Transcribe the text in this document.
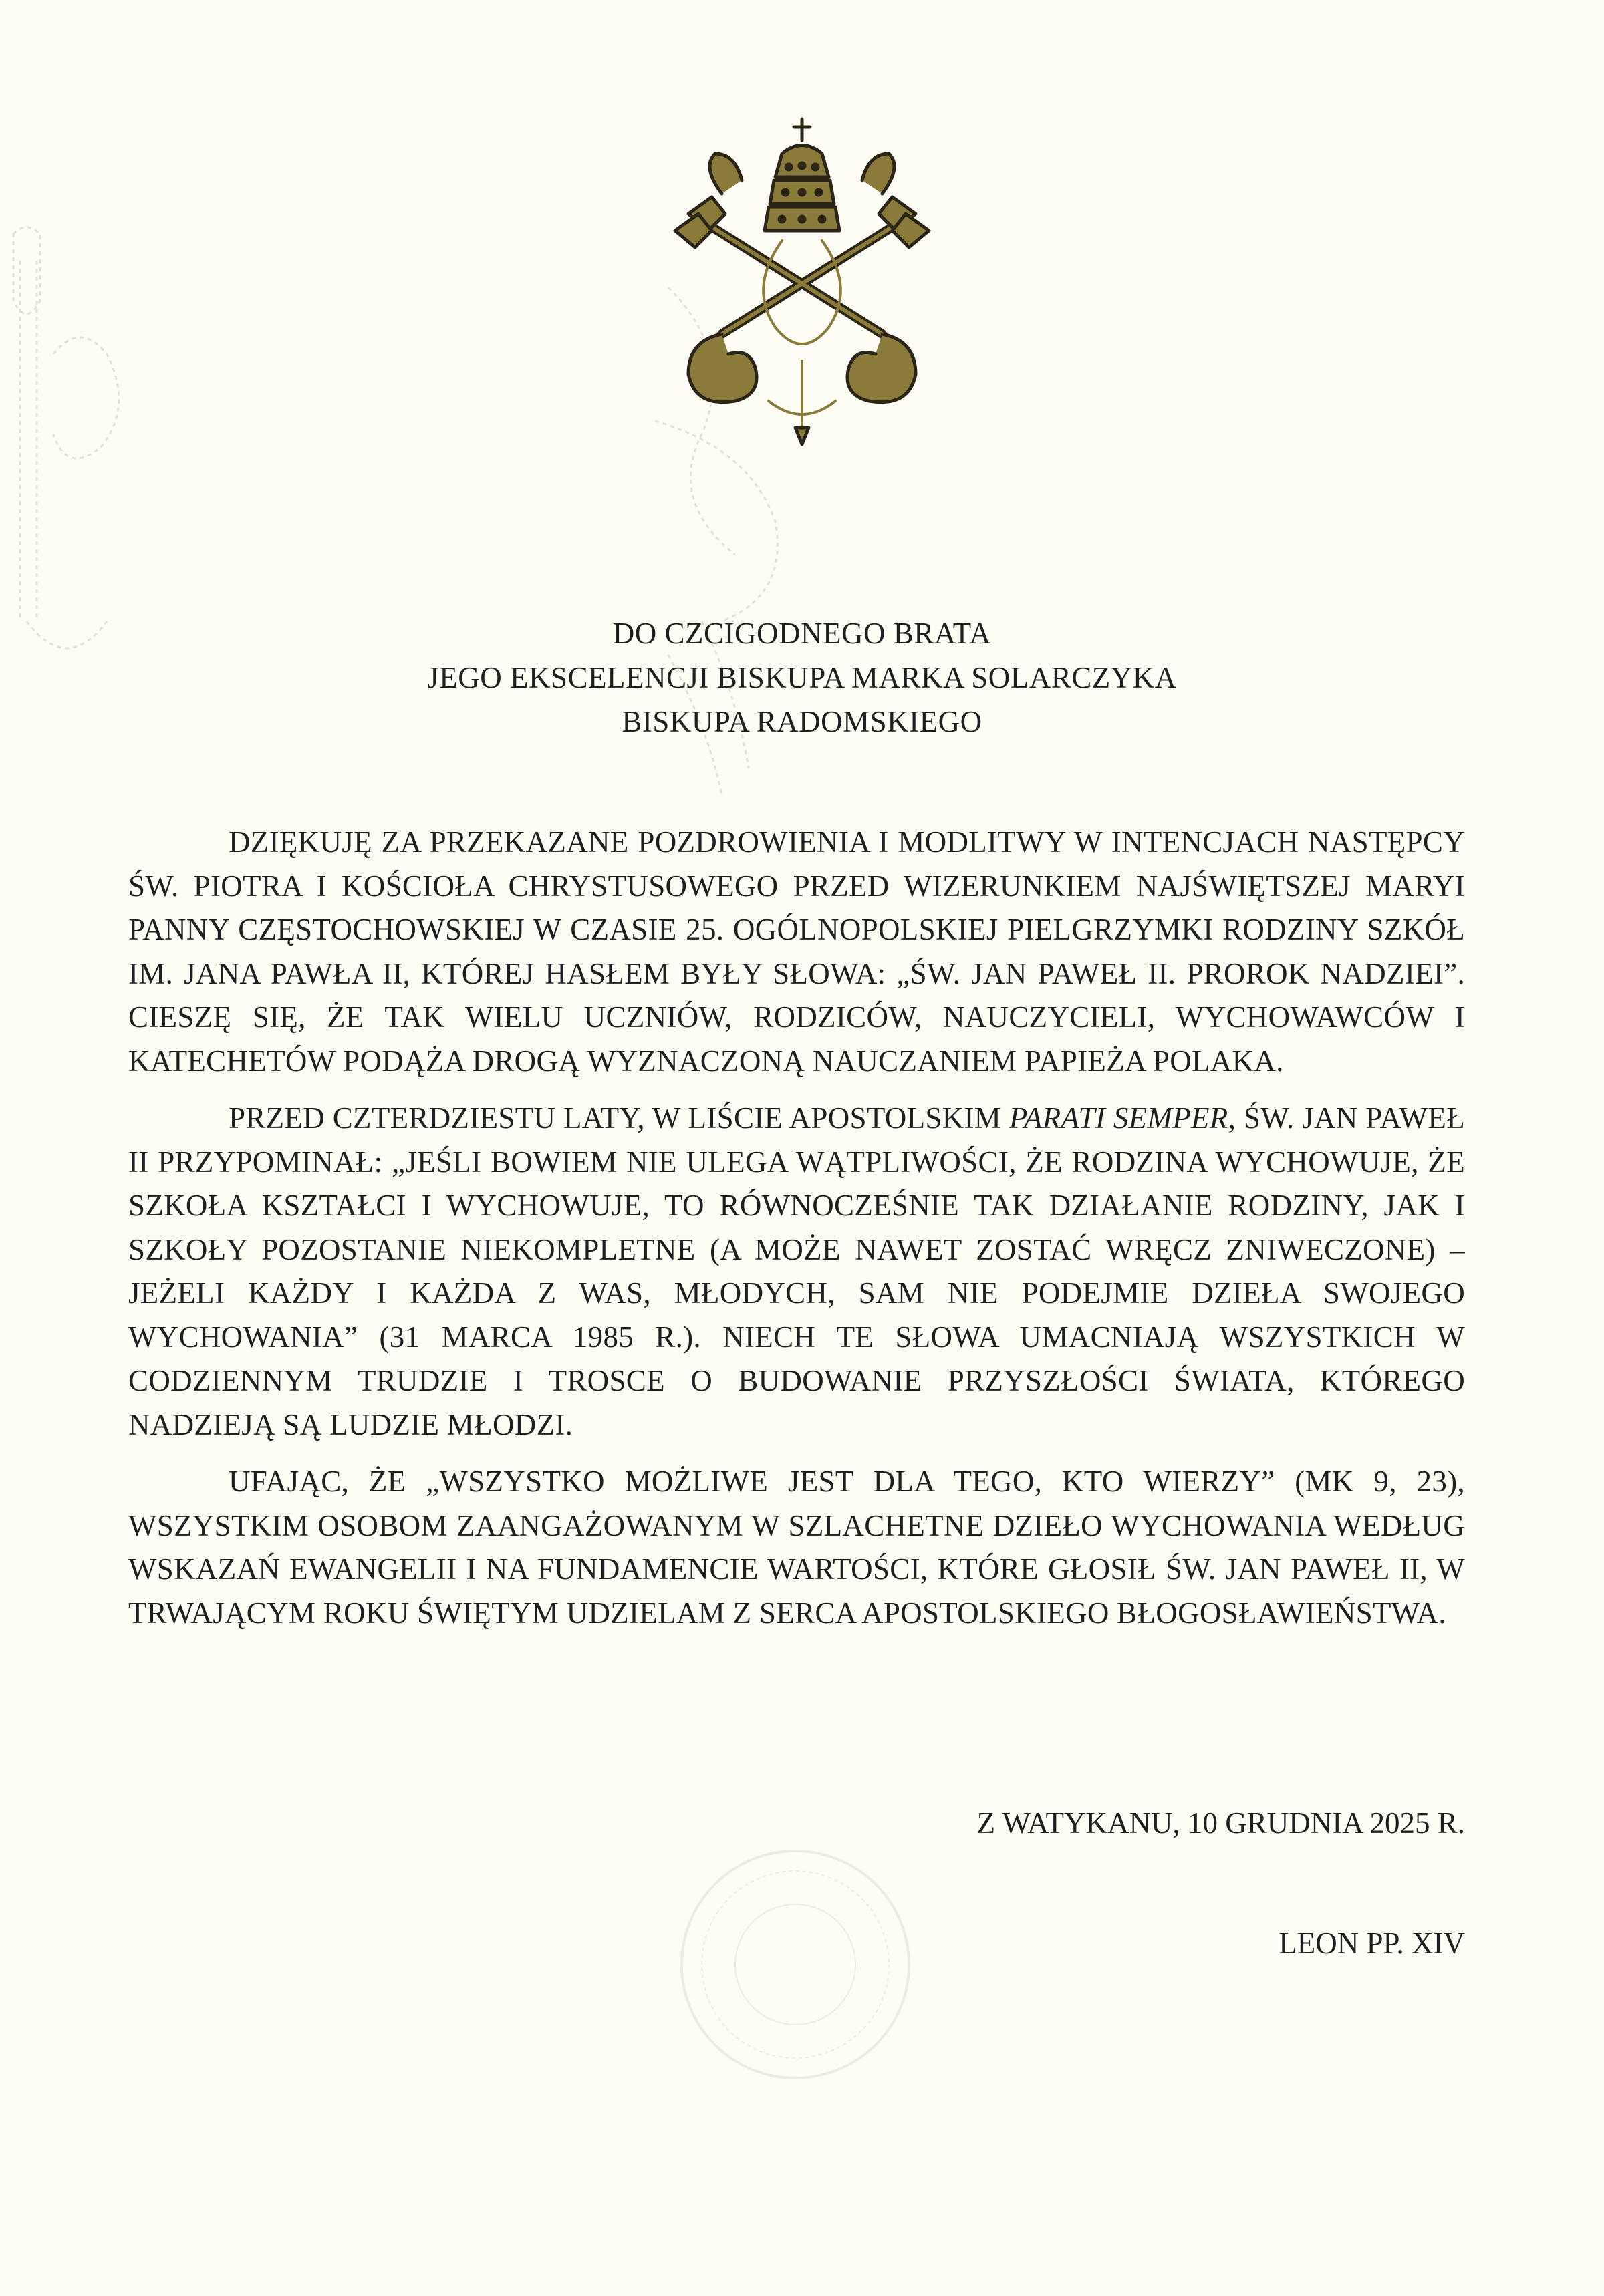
DO CZCIGODNEGO BRATA
JEGO EKSCELENCJI BISKUPA MARKA SOLARCZYKA
BISKUPA RADOMSKIEGO

DZIĘKUJĘ ZA PRZEKAZANE POZDROWIENIA I MODLITWY W INTENCJACH NASTĘPCY ŚW. PIOTRA I KOŚCIOŁA CHRYSTUSOWEGO PRZED WIZERUNKIEM NAJŚWIĘTSZEJ MARYI PANNY CZĘSTOCHOWSKIEJ W CZASIE 25. OGÓLNOPOLSKIEJ PIELGRZYMKI RODZINY SZKÓŁ IM. JANA PAWŁA II, KTÓREJ HASŁEM BYŁY SŁOWA: „ŚW. JAN PAWEŁ II. PROROK NADZIEI”. CIESZĘ SIĘ, ŻE TAK WIELU UCZNIÓW, RODZICÓW, NAUCZYCIELI, WYCHOWAWCÓW I KATECHETÓW PODĄŻA DROGĄ WYZNACZONĄ NAUCZANIEM PAPIEŻA POLAKA.

PRZED CZTERDZIESTU LATY, W LIŚCIE APOSTOLSKIM PARATI SEMPER, ŚW. JAN PAWEŁ II PRZYPOMINAŁ: „JEŚLI BOWIEM NIE ULEGA WĄTPLIWOŚCI, ŻE RODZINA WYCHOWUJE, ŻE SZKOŁA KSZTAŁCI I WYCHOWUJE, TO RÓWNOCZEŚNIE TAK DZIAŁANIE RODZINY, JAK I SZKOŁY POZOSTANIE NIEKOMPLETNE (A MOŻE NAWET ZOSTAĆ WRĘCZ ZNIWECZONE) – JEŻELI KAŻDY I KAŻDA Z WAS, MŁODYCH, SAM NIE PODEJMIE DZIEŁA SWOJEGO WYCHOWANIA” (31 MARCA 1985 R.). NIECH TE SŁOWA UMACNIAJĄ WSZYSTKICH W CODZIENNYM TRUDZIE I TROSCE O BUDOWANIE PRZYSZŁOŚCI ŚWIATA, KTÓREGO NADZIEJĄ SĄ LUDZIE MŁODZI.

UFAJĄC, ŻE „WSZYSTKO MOŻLIWE JEST DLA TEGO, KTO WIERZY” (MK 9, 23), WSZYSTKIM OSOBOM ZAANGAŻOWANYM W SZLACHETNE DZIEŁO WYCHOWANIA WEDŁUG WSKAZAŃ EWANGELII I NA FUNDAMENCIE WARTOŚCI, KTÓRE GŁOSIŁ ŚW. JAN PAWEŁ II, W TRWAJĄCYM ROKU ŚWIĘTYM UDZIELAM Z SERCA APOSTOLSKIEGO BŁOGOSŁAWIEŃSTWA.

Z WATYKANU, 10 GRUDNIA 2025 R.
LEON PP. XIV
